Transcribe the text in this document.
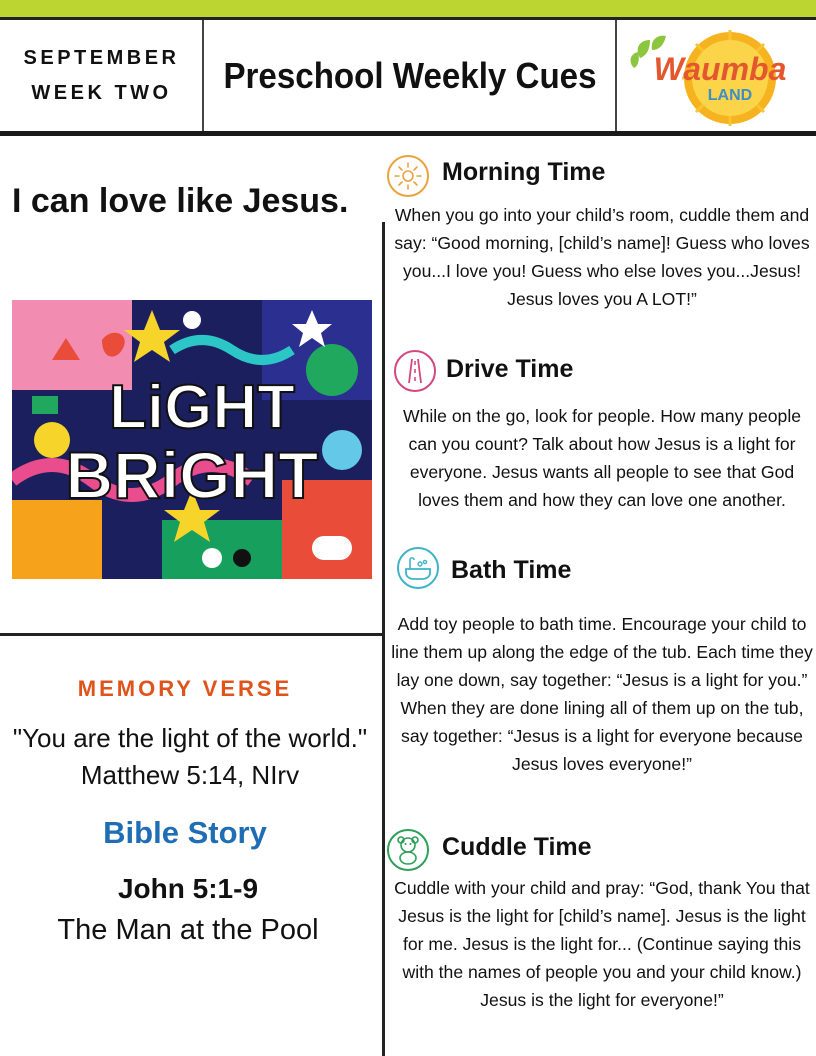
SEPTEMBER
WEEK TWO Preschool Weekly Cues Waumba
LAND
I can love like Jesus.
LiGHT
BRiGHT
MEMORY VERSE
"You are the light of the world." Matthew 5:14, NIrv
Bible Story
John 5:1-9
The Man at the Pool
Morning Time
When you go into your child’s room, cuddle them and say: “Good morning, [child’s name]! Guess who loves you...I love you! Guess who else loves you...Jesus! Jesus loves you A LOT!”
Drive Time
While on the go, look for people. How many people can you count? Talk about how Jesus is a light for everyone. Jesus wants all people to see that God loves them and how they can love one another.
Bath Time
Add toy people to bath time. Encourage your child to line them up along the edge of the tub. Each time they lay one down, say together: “Jesus is a light for you.” When they are done lining all of them up on the tub, say together: “Jesus is a light for everyone because Jesus loves everyone!”
Cuddle Time
Cuddle with your child and pray: “God, thank You that Jesus is the light for [child’s name]. Jesus is the light for me. Jesus is the light for... (Continue saying this with the names of people you and your child know.) Jesus is the light for everyone!”
